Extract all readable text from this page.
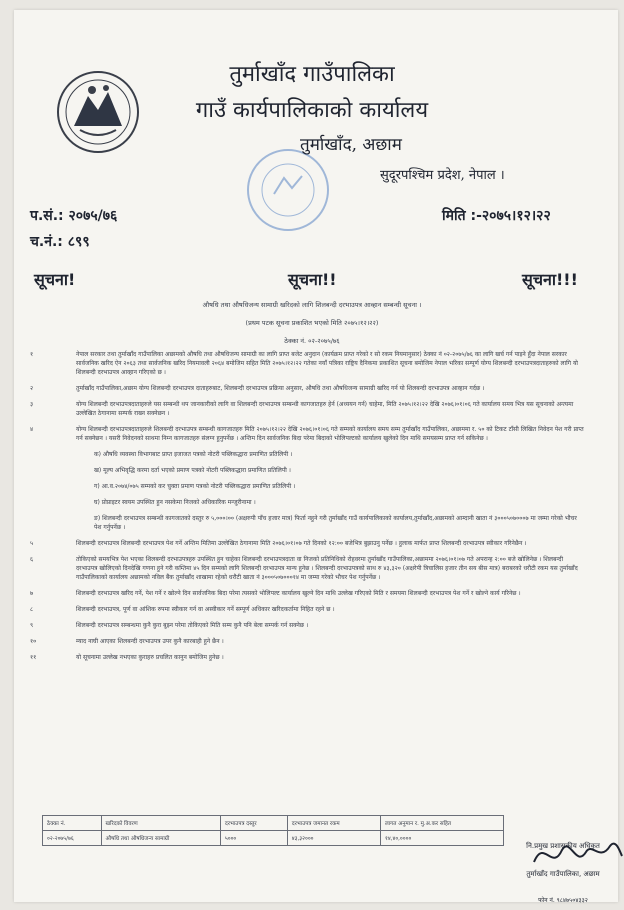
तुर्माखाँद गाउँपालिका
गाउँ कार्यपालिकाको कार्यालय
तुर्माखाँद, अछाम
सुदूरपश्चिम प्रदेश, नेपाल ।
प.सं.: २०७५/७६
च.नं.: ८९९
मिति :-२०७५।१२।२२
सूचना!	सूचना!!	सूचना!!!
औषधि तथा औषधिजन्य सामाग्री खरिदको लागि शिलबन्दी दरभाउपत्र आव्हान सम्बन्धी सूचना ।
(प्रथम पटक सूचना प्रकाशित भएको मिति २०७५।१२।२२)
ठेक्का नं. ०२-२०७५/७६
१	नेपाल सरकार तथा तुर्माखाँद गाउँपालिका अछामको औषधि तथा औषधिजन्य सामाग्री का लागि प्राप्त बजेट अनुदान (कार्यक्रम प्राप्त गरेको र सो रकम नियमानुसार) ठेक्का नं ०२-२०७५/७६ का लागि खर्च गर्न पाइने हुँदा नेपाल सरकार सार्वजनिक खरिद ऐन २०६३ तथा सार्वजनिक खरिद नियमावली २०६४ बमोजिम सहित मिति २०७५।१२।२२ गतेका नयाँ पत्रिका राष्ट्रिय दैनिकमा प्रकाशित सूचना बमोजिम नेपाल भरिका सम्पूर्ण योग्य शिलबन्दी दरभाउपत्रदाताहरुको लागि यो शिलबन्दी दरभाउपत्र आव्हान गरिएको छ ।
२	तुर्माखाँद गाउँपालिका,अछाम योग्य शिलबन्दी दरभाउपत्र दाताहरुबाट, शिलबन्दी दरभाउपत्र प्रक्रिया अनुसार, औषधि तथा औषधिजन्य सामाग्री खरिद गर्न यो शिलबन्दी दरभाउपत्र आव्हान गर्दछ ।
३	योग्य शिलबन्दी दरभाउपत्रदाताहरुले यस सम्बन्धी थप जानकारीको लागि वा शिलबन्दी दरभाउपत्र सम्बन्धी कागजातहरु हेर्न (अध्ययन गर्न) चाहेमा, मिति २०७५।१२।२२ देखि २०७६।०१।०६ गते कार्यालय समय भित्र यस सूचनाको अन्त्यमा उल्लेखित ठेगानामा सम्पर्क राख्न सक्नेछन ।
४	योग्य शिलबन्दी दरभाउपत्रदाताहरुले शिलबन्दी दरभाउपत्र सम्बन्धी कागजातहरु मिति २०७५।१२।२२ देखि २०७६।०१।०६ गते सम्मको कार्यालय समय सम्म तुर्माखाँद गाउँपालिका, अछाममा र. ५० को टिकट टाँसी लिखित निवेदन पेश गरी प्राप्त गर्न सक्नेछन । यसरी निवेदनको साथमा निम्न कागजातहरु संलग्न हुनुपर्नेछ । अन्तिम दिन सार्वजनिक बिदा परेमा बिदाको भोलिपल्टको कार्यालय खुलेको दिन माथि समयसम्म प्राप्त गर्न सकिनेछ ।
क) औषधि व्यवस्था विभागबाट प्राप्त इजाजत पत्रको नोटरी पब्लिकद्धारा प्रमाणित प्रतिलिपी ।
ख) मूल्य अभिवृद्धि करमा दर्ता भएको प्रमाण पत्रको नोटरी पब्लिकद्धारा प्रमाणित प्रतिलिपी ।
ग) आ.व.२०७४/०७५ सम्मको कर चुक्ता प्रमाण पत्रको नोटरी पब्लिकद्धारा प्रमाणित प्रतिलिपी ।
घ) प्रोप्राइटर स्वयम उपस्थित हुन नसकेमा निजको अधिकारिक मन्जुरीनामा ।
ङ) शिलबन्दी दरभाउपत्र सम्बन्धी कागजातको दस्तुर रु ५,०००।०० (अक्षरुपी पाँच हजार मात्र) फिर्ता नहुने गरी तुर्माखाँद गाउँ कार्यपालिकाको कार्यालय,तुर्माखाँद,अछामको आम्दानी खाता नं ३०००५०७०००७ मा जम्मा गरेको भौचर पेश गर्नुपर्नेछ ।
५	शिलबन्दी दरभाउपत्र शिलबन्दी दरभाउपत्र पेश गर्ने अन्तिम मितिमा उल्लेखित ठेगानामा मिति २०७६।०१।०७ गते दिनको १२:०० बजेभित्र बुझाउनु पर्नेछ । हुलाक मार्फत प्राप्त शिलबन्दी दरभाउपत्र स्वीकार गरिनेछैन ।
६	तोकिएको समयभित्र पेश भएका शिलबन्दी दरभाउपत्रहरु उपस्थित हुन चाहेका शिलबन्दी दरभाउपत्रदाता वा निजको प्रतिनिधिको रोहवरमा तुर्माखाँद गाउँपालिका,अछाममा २०७६।०१।०७ गते अपरान्ह २:०० बजे खोलिनेछ । शिलबन्दी दरभाउपत्र खोलिएको दिनदेखि गणना हुने गरी कम्तिमा ४५ दिन सम्मको लागि शिलबन्दी दरभाउपत्र मान्य हुनेछ । शिलबन्दी दरभाउपत्रको साथ रु ४३,३२० (अक्षरेपी त्रिचालिस हजार तीन सय बीस मात्र) बराबरको धरौटी रकम यस तुर्माखाँद गाउँपालिकाको कार्यालय अछामको नविल बैंक तुर्माखाँद शाखामा रहेको धरौटी खाता नं ३०००५०७०००१४ मा जम्मा गरेको भौचर पेश गर्नुपर्नेछ ।
७	शिलबन्दी दरभाउपत्र खरिद गर्ने, पेश गर्ने र खोल्ने दिन सार्वजनिक बिदा परेमा त्यसको भोलिपल्ट कार्यालय खुल्ने दिन माथि उल्लेख गरिएको मिति र समयमा शिलबन्दी दरभाउपत्र पेश गर्ने र खोल्ने कार्य गरिनेछ ।
८	शिलबन्दी दरभाउपत्र, पूर्ण वा आंशिक रुपमा स्वीकार गर्न वा अस्वीकार गर्ने सम्पूर्ण अधिकार खरिदकर्तामा निहित रहने छ ।
९	शिलबन्दी दरभाउपत्र सम्बन्धमा कुनै कुरा बुझ्न परेमा तोकिएको मिति सम्म कुनै पनि बेला सम्पर्क गर्न सक्नेछ ।
१०	म्याद नाघी आएका शिलबन्दी दरभाउपत्र उपर कुनै कारबाही हुने छैन ।
११	यो सूचनामा उल्लेख नभएका कुराहरु प्रचलित कानुन बमोजिम हुनेछ ।
ठेक्का नं.	खरिदको विवरण	दरभाउपत्र दस्तुर	दरभाउपत्र जमानत रकम	लागत अनुमान र. मु.अ.कर सहित
०२-२०७५/७६	औषधि तथा औषधिजन्य सामाग्री	५०००	४३,३२०००	१४,४०,००००
नि.प्रमुख प्रशासकीय अधिकृत
तुर्माखाँद गाउँपालिका, अछाम
फोन नं. ९८४७५०४३३२
